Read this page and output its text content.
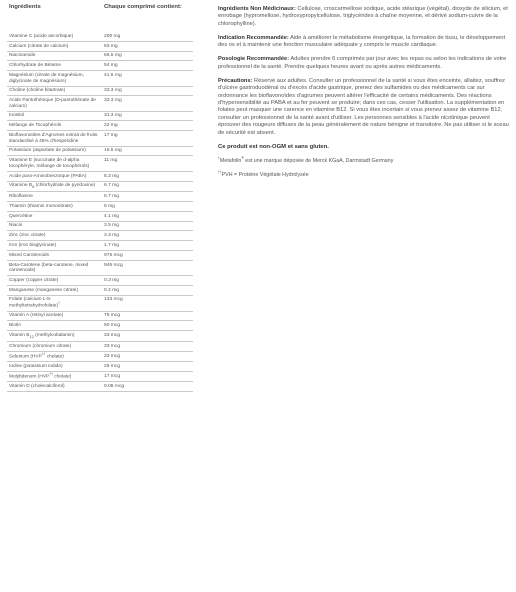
Ingrédients	Chaque comprimé contient:
Vitamine C (acide ascorbique)	200 mg
Calcium (citrate de calcium)	83 mg
Niacinamide	66.5 mg
Chlorhydrate de Bétaïne	54 mg
Magnésium (citrate de magnésium, diglycinate de magnésium)	41.6 mg
Choline (choline bitartrate)	33.3 mg
Acide Pantothénique (D-pantothénate de calcium)	33.3 mg
Inositol	31.3 mg
Mélange de Tocophérols	22 mg
Bioflavonoïdes d'Agrumes extrait de fruits standardisé à 45% d'hespéridine	17 mg
Potassium (aspartate de potassium)	16.5 mg
Vitamine E (succinate de d-alpha tocophéryle, mélange de tocophérols)	11 mg
Acide para-Aminobenzoïque (PABA)	8.3 mg
Vitamine $B_6$ (chlorhydrate de pyridoxine)	6.7 mg
Riboflavine	5.7 mg
Thiamin (thiamin mononitrate)	5 mg
Quercétine	4.1 mg
Niacin	3.5 mg
Zinc (zinc citrate)	3.3 mg
Iron (iron bisglycinate)	1.7 mg
Mixed Carotenoids	975 mcg
Beta-Carotene (beta-carotene, mixed carotenoids)	946 mcg
Copper (copper citrate)	0.3 mg
Manganese (manganese citrate)	0.2 mg
Folate (calcium L-5-methyltetrahydrofolate)†	133 mcg
Vitamin A (retinyl acetate)	75 mcg
Biotin	50 mcg
Vitamin $B_{12}$ (methylcobalamin)	33 mcg
Chromium (chromium citrate)	33 mcg
Selenium (HVP†† chelate)	33 mcg
Iodine (potassium iodide)	25 mcg
Molybdenum (HVP†† chelate)	17 mcg
Vitamin D (cholecalciferol)	0.08 mcg

Ingrédients Non Médicinaux: Cellulose, croscarmellose sodique, acide stéarique (végétal), dioxyde de silicium, et enrobage (hypromellose, hydroxypropylcellulose, triglycérides à chaîne moyenne, et dérivé sodium-cuivre de la chlorophylline).

Indication Recommandée: Aide à améliorer le métabolisme énergétique, la formation de tissu, le développement des os et à maintenir une fonction musculaire adéquate y compris le muscle cardiaque.

Posologie Recommandée: Adultes prendre 6 comprimés par jour avec les repas ou selon les indications de votre professionnel de la santé. Prendre quelques heures avant ou après autres médicaments.

Précautions: Réservé aux adultes. Consulter un professionnel de la santé si vous êtes enceinte, allaitez, souffrez d'ulcère gastroduodénal ou d'excès d'acide gastrique, prenez des sulfamides ou des médicaments car sur ordonnance les bioflavonoïdes d'agrumes peuvent altérer l'efficacité de certains médicaments. Des réactions d'hypersensibilité au PABA et au fer peuvent se produire; dans ces cas, cesser l'utilisation. La supplémentation en folates peut masquer une carence en vitamine B12. Si vous êtes incertain si vous prenez assez de vitamine B12, consulter un professionnel de la santé avant d'utiliser. Les personnes sensibles à l'acide nicotinique peuvent éprouver des rougeurs diffuses de la peau généralement de nature bénigne et transitoire. Ne pas utiliser si le sceau de sécurité est absent.

Ce produit est non-OGM et sans gluten.

†Metafolin® est une marque déposée de Merck KGaA, Darmstadt Germany

††PVH = Protéine Végétale Hydrolysée
